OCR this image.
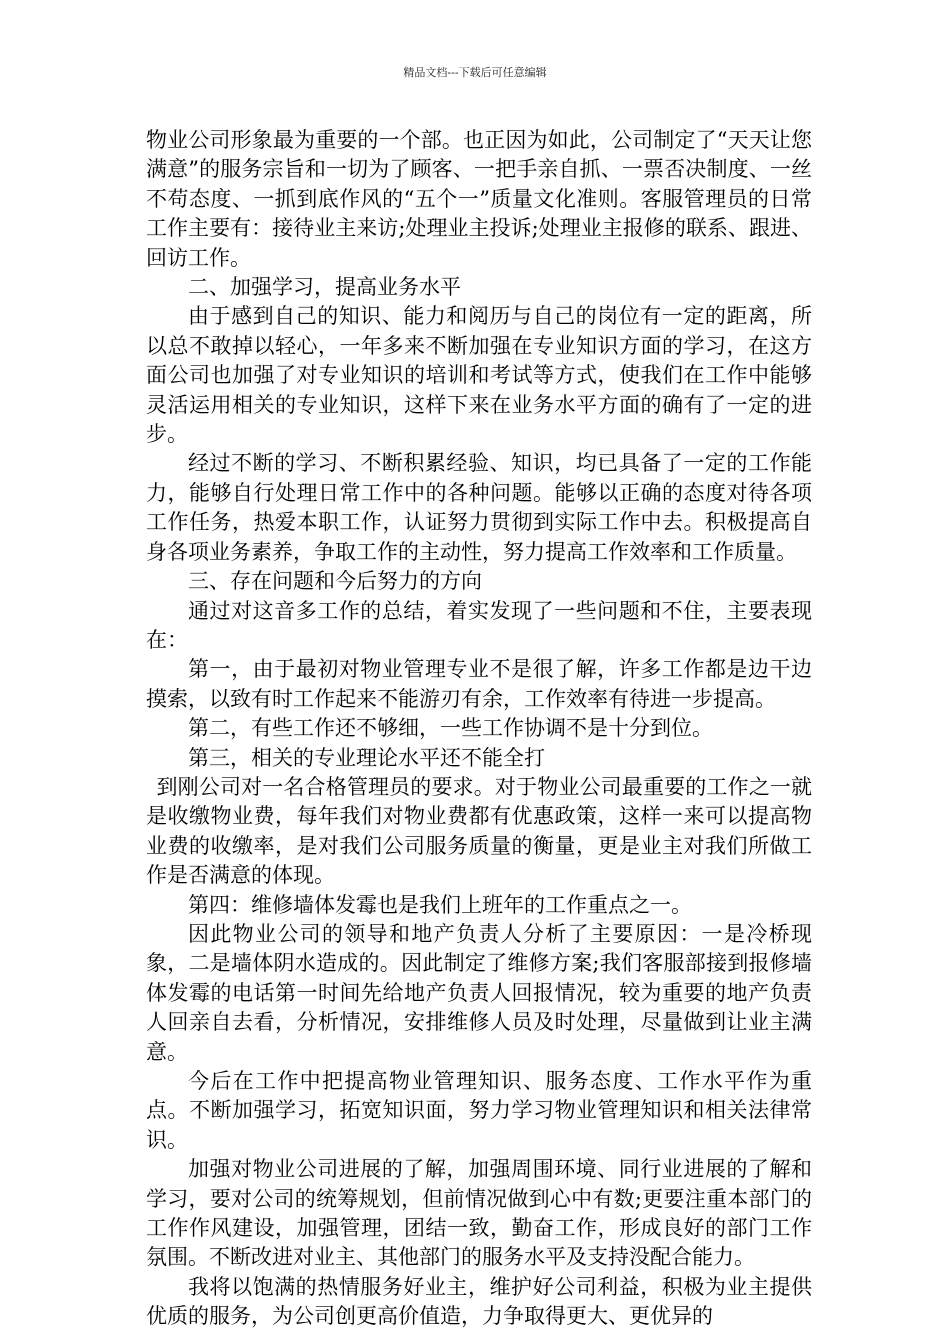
精品文档---下载后可任意编辑

物业公司形象最为重要的一个部。也正因为如此，公司制定了“天天让您满意”的服务宗旨和一切为了顾客、一把手亲自抓、一票否决制度、一丝不苟态度、一抓到底作风的“五个一”质量文化准则。客服管理员的日常工作主要有：接待业主来访;处理业主投诉;处理业主报修的联系、跟进、回访工作。

二、加强学习，提高业务水平

由于感到自己的知识、能力和阅历与自己的岗位有一定的距离，所以总不敢掉以轻心，一年多来不断加强在专业知识方面的学习，在这方面公司也加强了对专业知识的培训和考试等方式，使我们在工作中能够灵活运用相关的专业知识，这样下来在业务水平方面的确有了一定的进步。

经过不断的学习、不断积累经验、知识，均已具备了一定的工作能力，能够自行处理日常工作中的各种问题。能够以正确的态度对待各项工作任务，热爱本职工作，认证努力贯彻到实际工作中去。积极提高自身各项业务素养，争取工作的主动性，努力提高工作效率和工作质量。

三、存在问题和今后努力的方向

通过对这音多工作的总结，着实发现了一些问题和不住，主要表现在：

第一，由于最初对物业管理专业不是很了解，许多工作都是边干边摸索，以致有时工作起来不能游刃有余，工作效率有待进一步提高。

第二，有些工作还不够细，一些工作协调不是十分到位。

第三，相关的专业理论水平还不能全打

到刚公司对一名合格管理员的要求。对于物业公司最重要的工作之一就是收缴物业费，每年我们对物业费都有优惠政策，这样一来可以提高物业费的收缴率，是对我们公司服务质量的衡量，更是业主对我们所做工作是否满意的体现。

第四：维修墙体发霉也是我们上班年的工作重点之一。

因此物业公司的领导和地产负责人分析了主要原因：一是冷桥现象，二是墙体阴水造成的。因此制定了维修方案;我们客服部接到报修墙体发霉的电话第一时间先给地产负责人回报情况，较为重要的地产负责人回亲自去看，分析情况，安排维修人员及时处理，尽量做到让业主满意。

今后在工作中把提高物业管理知识、服务态度、工作水平作为重点。不断加强学习，拓宽知识面，努力学习物业管理知识和相关法律常识。

加强对物业公司进展的了解，加强周围环境、同行业进展的了解和学习，要对公司的统筹规划，但前情况做到心中有数;更要注重本部门的工作作风建设，加强管理，团结一致，勤奋工作，形成良好的部门工作氛围。不断改进对业主、其他部门的服务水平及支持没配合能力。

我将以饱满的热情服务好业主，维护好公司利益，积极为业主提供优质的服务，为公司创更高价值造，力争取得更大、更优异的
